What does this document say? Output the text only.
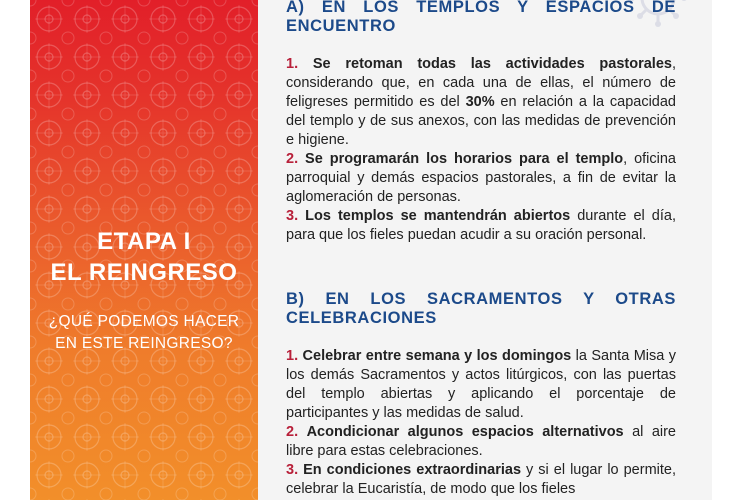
ETAPA I
EL REINGRESO
¿QUÉ PODEMOS HACER
EN ESTE REINGRESO?
A) EN LOS TEMPLOS Y ESPACIOS DE ENCUENTRO
1. Se retoman todas las actividades pastorales, considerando que, en cada una de ellas, el número de feligreses permitido es del 30% en relación a la capacidad del templo y de sus anexos, con las medidas de prevención e higiene.
2. Se programarán los horarios para el templo, oficina parroquial y demás espacios pastorales, a fin de evitar la aglomeración de personas.
3. Los templos se mantendrán abiertos durante el día, para que los fieles puedan acudir a su oración personal.
B) EN LOS SACRAMENTOS Y OTRAS CELEBRACIONES
1. Celebrar entre semana y los domingos la Santa Misa y los demás Sacramentos y actos litúrgicos, con las puertas del templo abiertas y aplicando el porcentaje de participantes y las medidas de salud.
2. Acondicionar algunos espacios alternativos al aire libre para estas celebraciones.
3. En condiciones extraordinarias y si el lugar lo permite, celebrar la Eucaristía, de modo que los fieles
